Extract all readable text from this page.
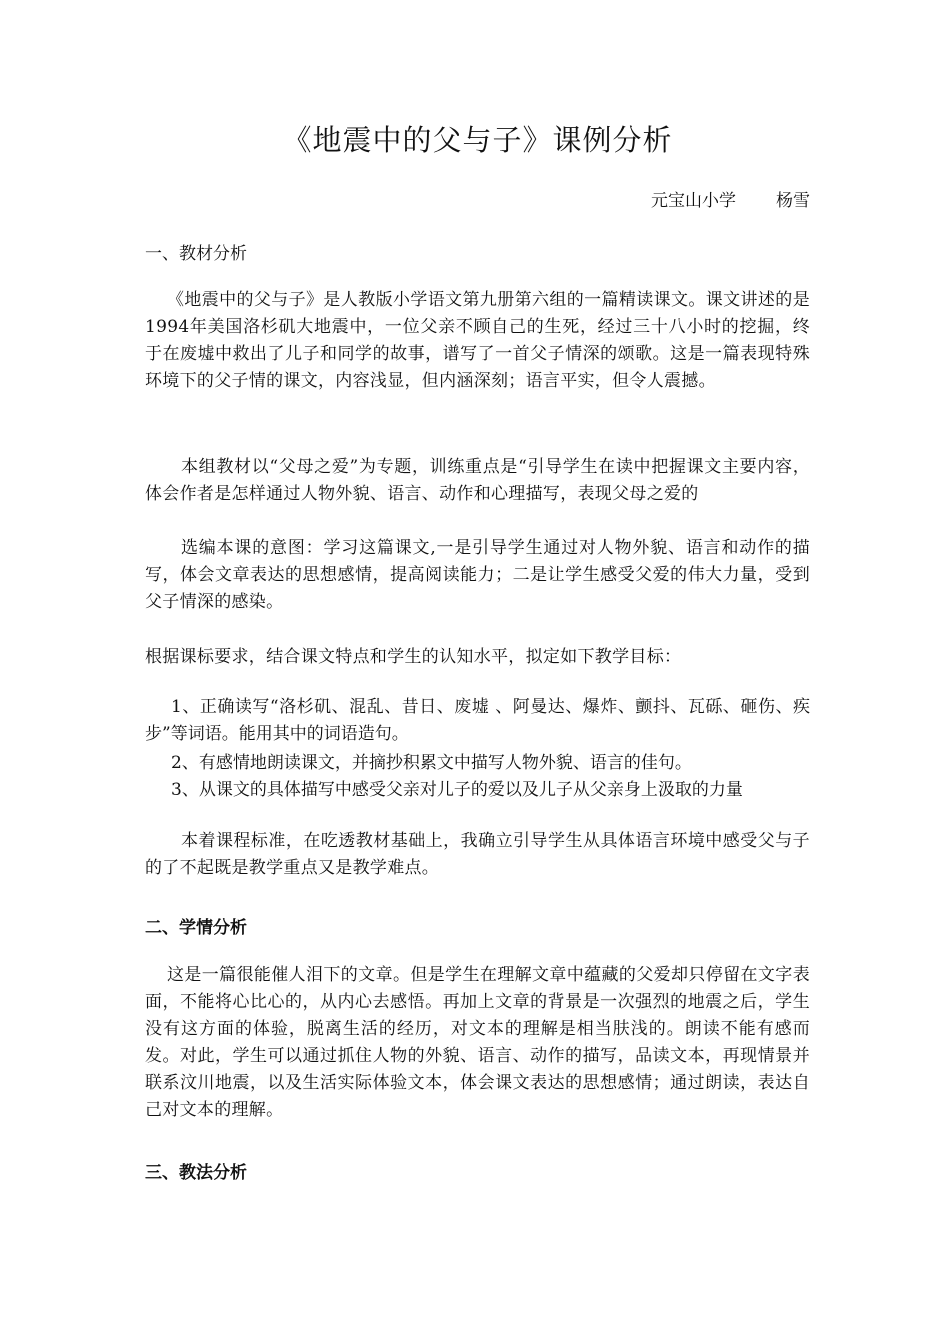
《地震中的父与子》课例分析
元宝山小学 杨雪
一、教材分析
《地震中的父与子》是人教版小学语文第九册第六组的一篇精读课文。课文讲述的是1994年美国洛杉矶大地震中，一位父亲不顾自己的生死，经过三十八小时的挖掘，终于在废墟中救出了儿子和同学的故事，谱写了一首父子情深的颂歌。这是一篇表现特殊环境下的父子情的课文，内容浅显，但内涵深刻；语言平实，但令人震撼。
本组教材以“父母之爱”为专题，训练重点是“引导学生在读中把握课文主要内容，体会作者是怎样通过人物外貌、语言、动作和心理描写，表现父母之爱的
选编本课的意图：学习这篇课文,一是引导学生通过对人物外貌、语言和动作的描写，体会文章表达的思想感情，提高阅读能力；二是让学生感受父爱的伟大力量，受到父子情深的感染。
根据课标要求，结合课文特点和学生的认知水平，拟定如下教学目标：
1、正确读写“洛杉矶、混乱、昔日、废墟 、阿曼达、爆炸、颤抖、瓦砾、砸伤、疾步”等词语。能用其中的词语造句。
2、有感情地朗读课文，并摘抄积累文中描写人物外貌、语言的佳句。
3、从课文的具体描写中感受父亲对儿子的爱以及儿子从父亲身上汲取的力量
本着课程标准，在吃透教材基础上，我确立引导学生从具体语言环境中感受父与子的了不起既是教学重点又是教学难点。
二、学情分析
这是一篇很能催人泪下的文章。但是学生在理解文章中蕴藏的父爱却只停留在文字表面，不能将心比心的，从内心去感悟。再加上文章的背景是一次强烈的地震之后，学生没有这方面的体验，脱离生活的经历，对文本的理解是相当肤浅的。朗读不能有感而发。对此，学生可以通过抓住人物的外貌、语言、动作的描写，品读文本，再现情景并联系汶川地震，以及生活实际体验文本，体会课文表达的思想感情；通过朗读，表达自己对文本的理解。
三、教法分析
